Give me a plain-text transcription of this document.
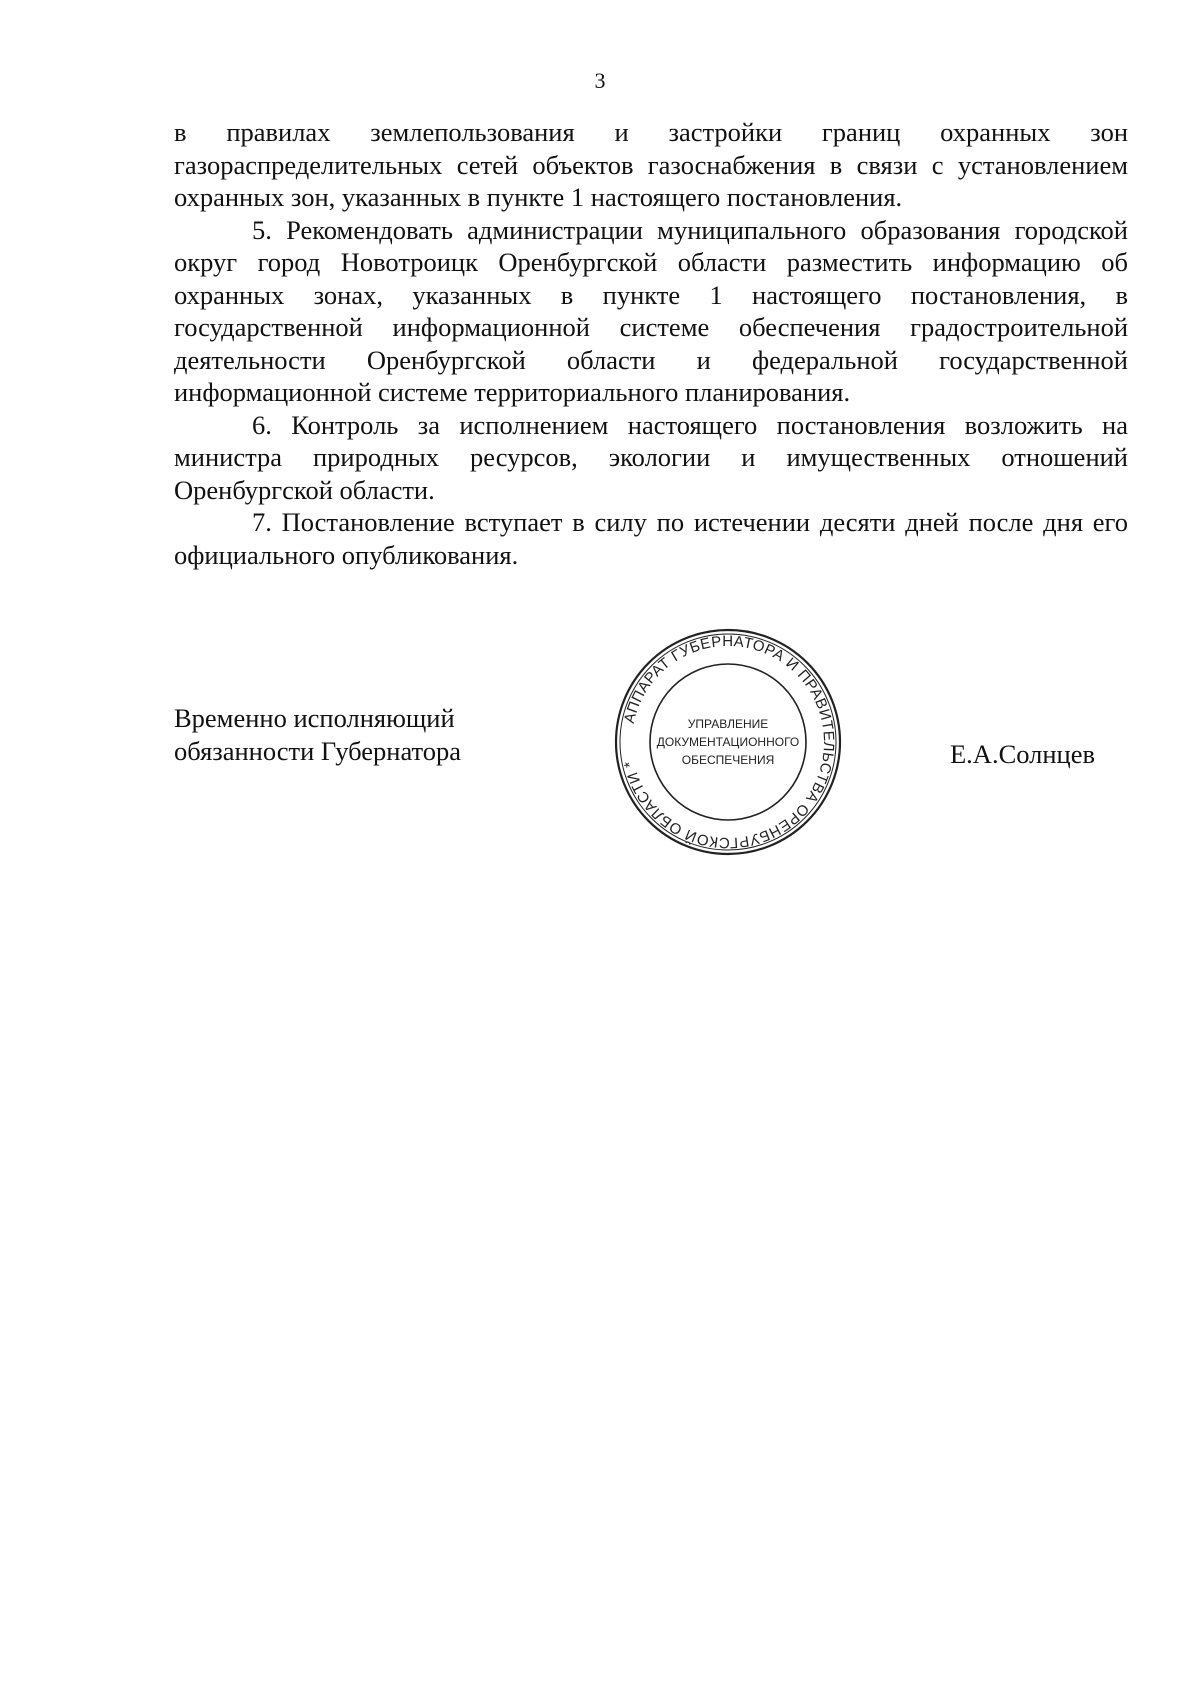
3

в правилах землепользования и застройки границ охранных зон газораспределительных сетей объектов газоснабжения в связи с установлением охранных зон, указанных в пункте 1 настоящего постановления.

5. Рекомендовать администрации муниципального образования городской округ город Новотроицк Оренбургской области разместить информацию об охранных зонах, указанных в пункте 1 настоящего постановления, в государственной информационной системе обеспечения градостроительной деятельности Оренбургской области и федеральной государственной информационной системе территориального планирования.

6. Контроль за исполнением настоящего постановления возложить на министра природных ресурсов, экологии и имущественных отношений Оренбургской области.

7. Постановление вступает в силу по истечении десяти дней после дня его официального опубликования.

Временно исполняющий
обязанности Губернатора
АППАРАТ ГУБЕРНАТОРА И ПРАВИТЕЛЬСТВА ОРЕНБУРГСКОЙ ОБЛАСТИ *
УПРАВЛЕНИЕ
ДОКУМЕНТАЦИОННОГО
ОБЕСПЕЧЕНИЯ	Е.А.Солнцев
